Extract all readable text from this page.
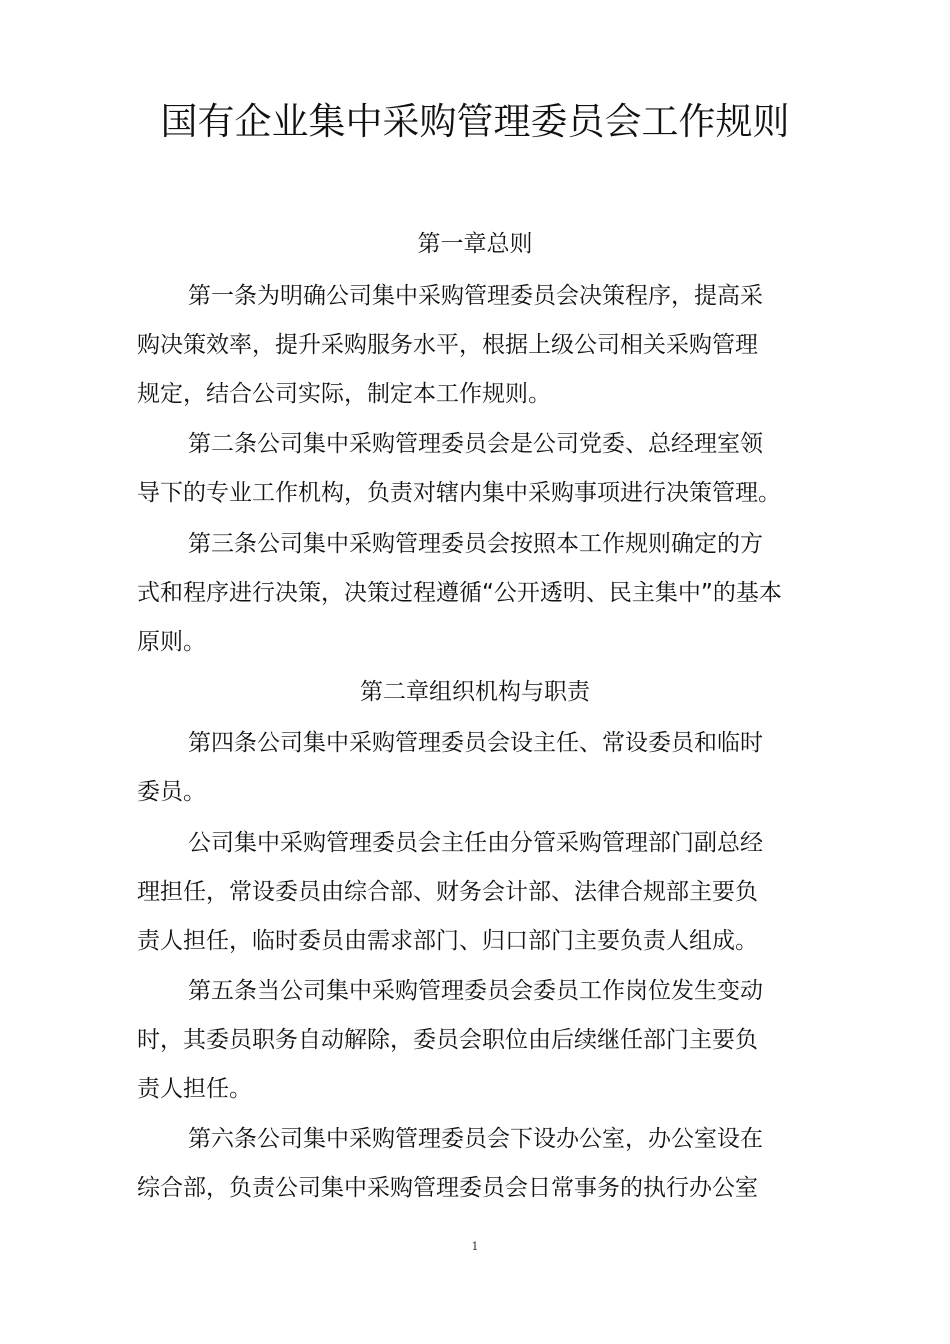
国有企业集中采购管理委员会工作规则
第一章总则
第一条为明确公司集中采购管理委员会决策程序，提高采
购决策效率，提升采购服务水平，根据上级公司相关采购管理
规定，结合公司实际，制定本工作规则。
第二条公司集中采购管理委员会是公司党委、总经理室领
导下的专业工作机构，负责对辖内集中采购事项进行决策管理。
第三条公司集中采购管理委员会按照本工作规则确定的方
式和程序进行决策，决策过程遵循“公开透明、民主集中”的基本
原则。
第二章组织机构与职责
第四条公司集中采购管理委员会设主任、常设委员和临时
委员。
公司集中采购管理委员会主任由分管采购管理部门副总经
理担任，常设委员由综合部、财务会计部、法律合规部主要负
责人担任，临时委员由需求部门、归口部门主要负责人组成。
第五条当公司集中采购管理委员会委员工作岗位发生变动
时，其委员职务自动解除，委员会职位由后续继任部门主要负
责人担任。
第六条公司集中采购管理委员会下设办公室，办公室设在
综合部，负责公司集中采购管理委员会日常事务的执行办公室
1
